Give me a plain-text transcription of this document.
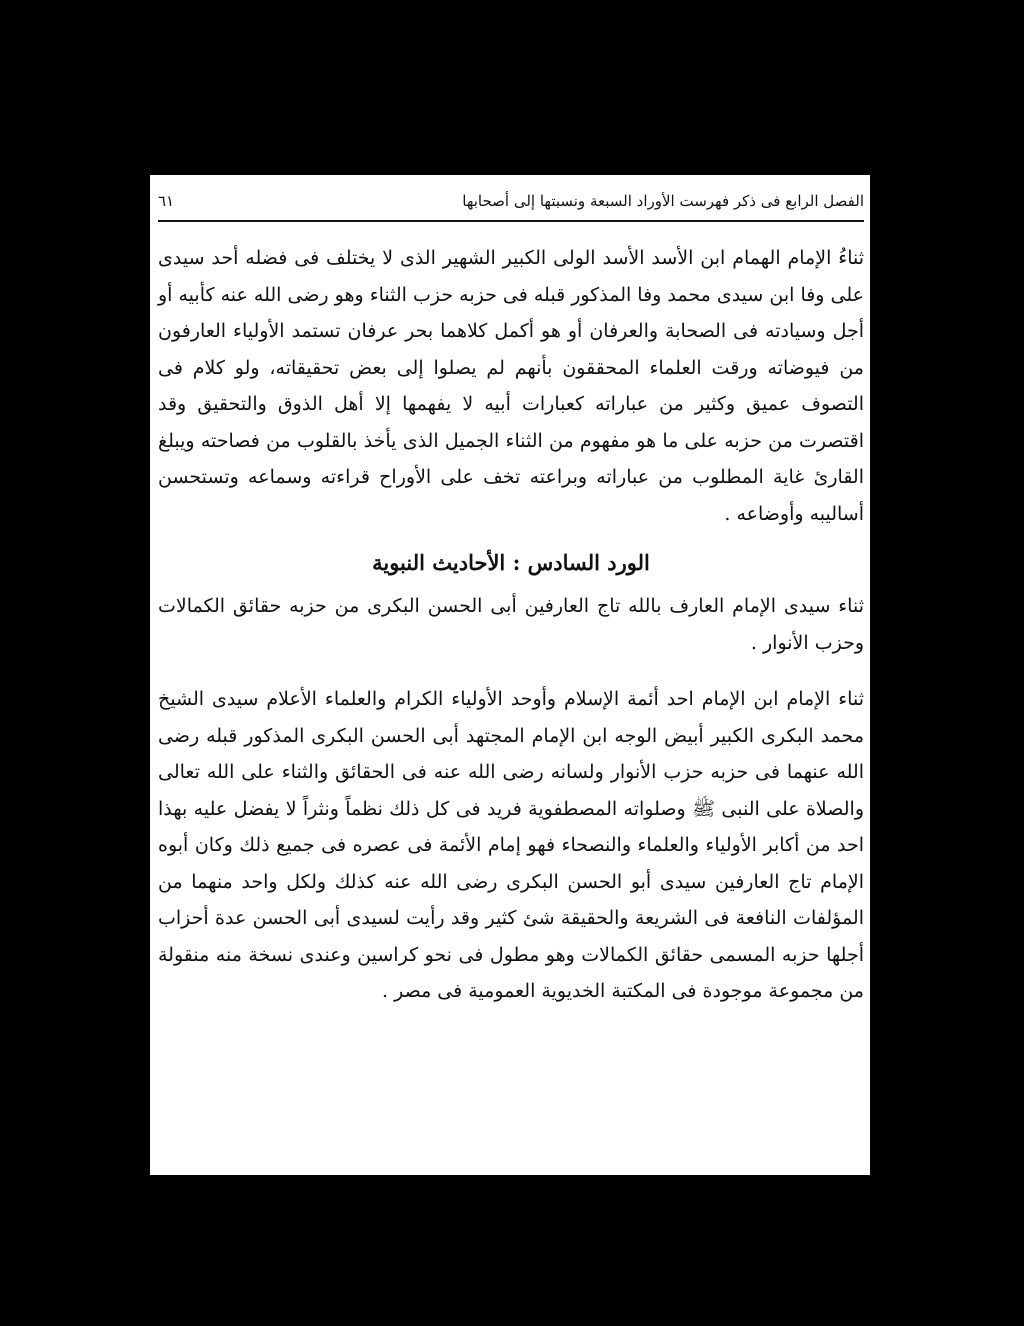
٦١	الفصل الرابع فى ذكر فهرست الأوراد السبعة ونسبتها إلى أصحابها

ثناءُ الإمام الهمام ابن الأسد الأسد الولى الكبير الشهير الذى لا يختلف فى فضله أحد سيدى على وفا ابن سيدى محمد وفا المذكور قبله فى حزبه حزب الثناء وهو رضى الله عنه كأبيه أو أجل وسيادته فى الصحابة والعرفان أو هو أكمل كلاهما بحر عرفان تستمد الأولياء العارفون من فيوضاته ورقت العلماء المحققون بأنهم لم يصلوا إلى بعض تحقيقاته، ولو كلام فى التصوف عميق وكثير من عباراته كعبارات أبيه لا يفهمها إلا أهل الذوق والتحقيق وقد اقتصرت من حزبه على ما هو مفهوم من الثناء الجميل الذى يأخذ بالقلوب من فصاحته ويبلغ القارئ غاية المطلوب من عباراته وبراعته تخف على الأوراح قراءته وسماعه وتستحسن أساليبه وأوضاعه .

الورد السادس : الأحاديث النبوية

ثناء سيدى الإمام العارف بالله تاج العارفين أبى الحسن البكرى من حزبه حقائق الكمالات وحزب الأنوار .

ثناء الإمام ابن الإمام احد أئمة الإسلام وأوحد الأولياء الكرام والعلماء الأعلام سيدى الشيخ محمد البكرى الكبير أبيض الوجه ابن الإمام المجتهد أبى الحسن البكرى المذكور قبله رضى الله عنهما فى حزبه حزب الأنوار ولسانه رضى الله عنه فى الحقائق والثناء على الله تعالى والصلاة على النبى ﷺ وصلواته المصطفوية فريد فى كل ذلك نظماً ونثراً لا يفضل عليه بهذا احد من أكابر الأولياء والعلماء والنصحاء فهو إمام الأئمة فى عصره فى جميع ذلك وكان أبوه الإمام تاج العارفين سيدى أبو الحسن البكرى رضى الله عنه كذلك ولكل واحد منهما من المؤلفات النافعة فى الشريعة والحقيقة شئ كثير وقد رأيت لسيدى أبى الحسن عدة أحزاب أجلها حزبه المسمى حقائق الكمالات وهو مطول فى نحو كراسين وعندى نسخة منه منقولة من مجموعة موجودة فى المكتبة الخديوية العمومية فى مصر .
